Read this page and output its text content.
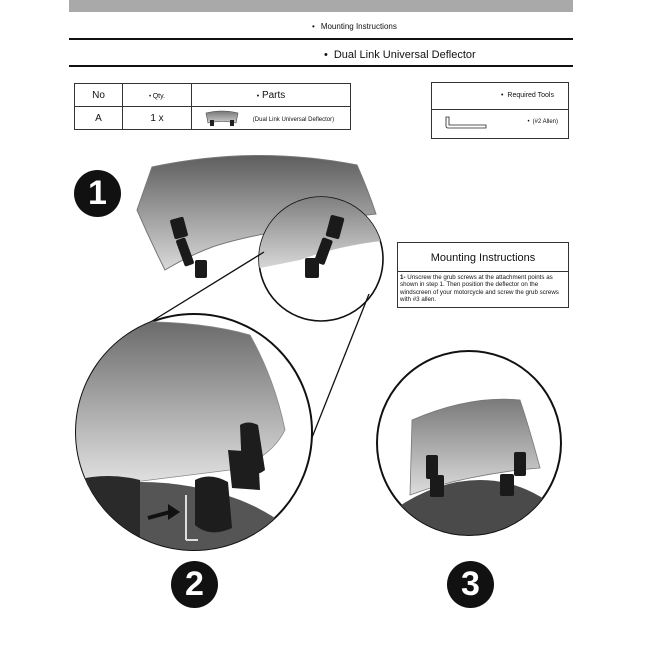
• Mounting Instructions
• Dual Link Universal Deflector
No	• Qty.	• Parts
A	1 x	(Dual Link Universal Deflector)
• Required Tools
• (#2 Allen)
Mounting Instructions
1- Unscrew the grub screws at the attachment points as shown in step 1. Then position the deflector on the windscreen of your motorcycle and screw the grub screws with #3 allen.
1
2	3
